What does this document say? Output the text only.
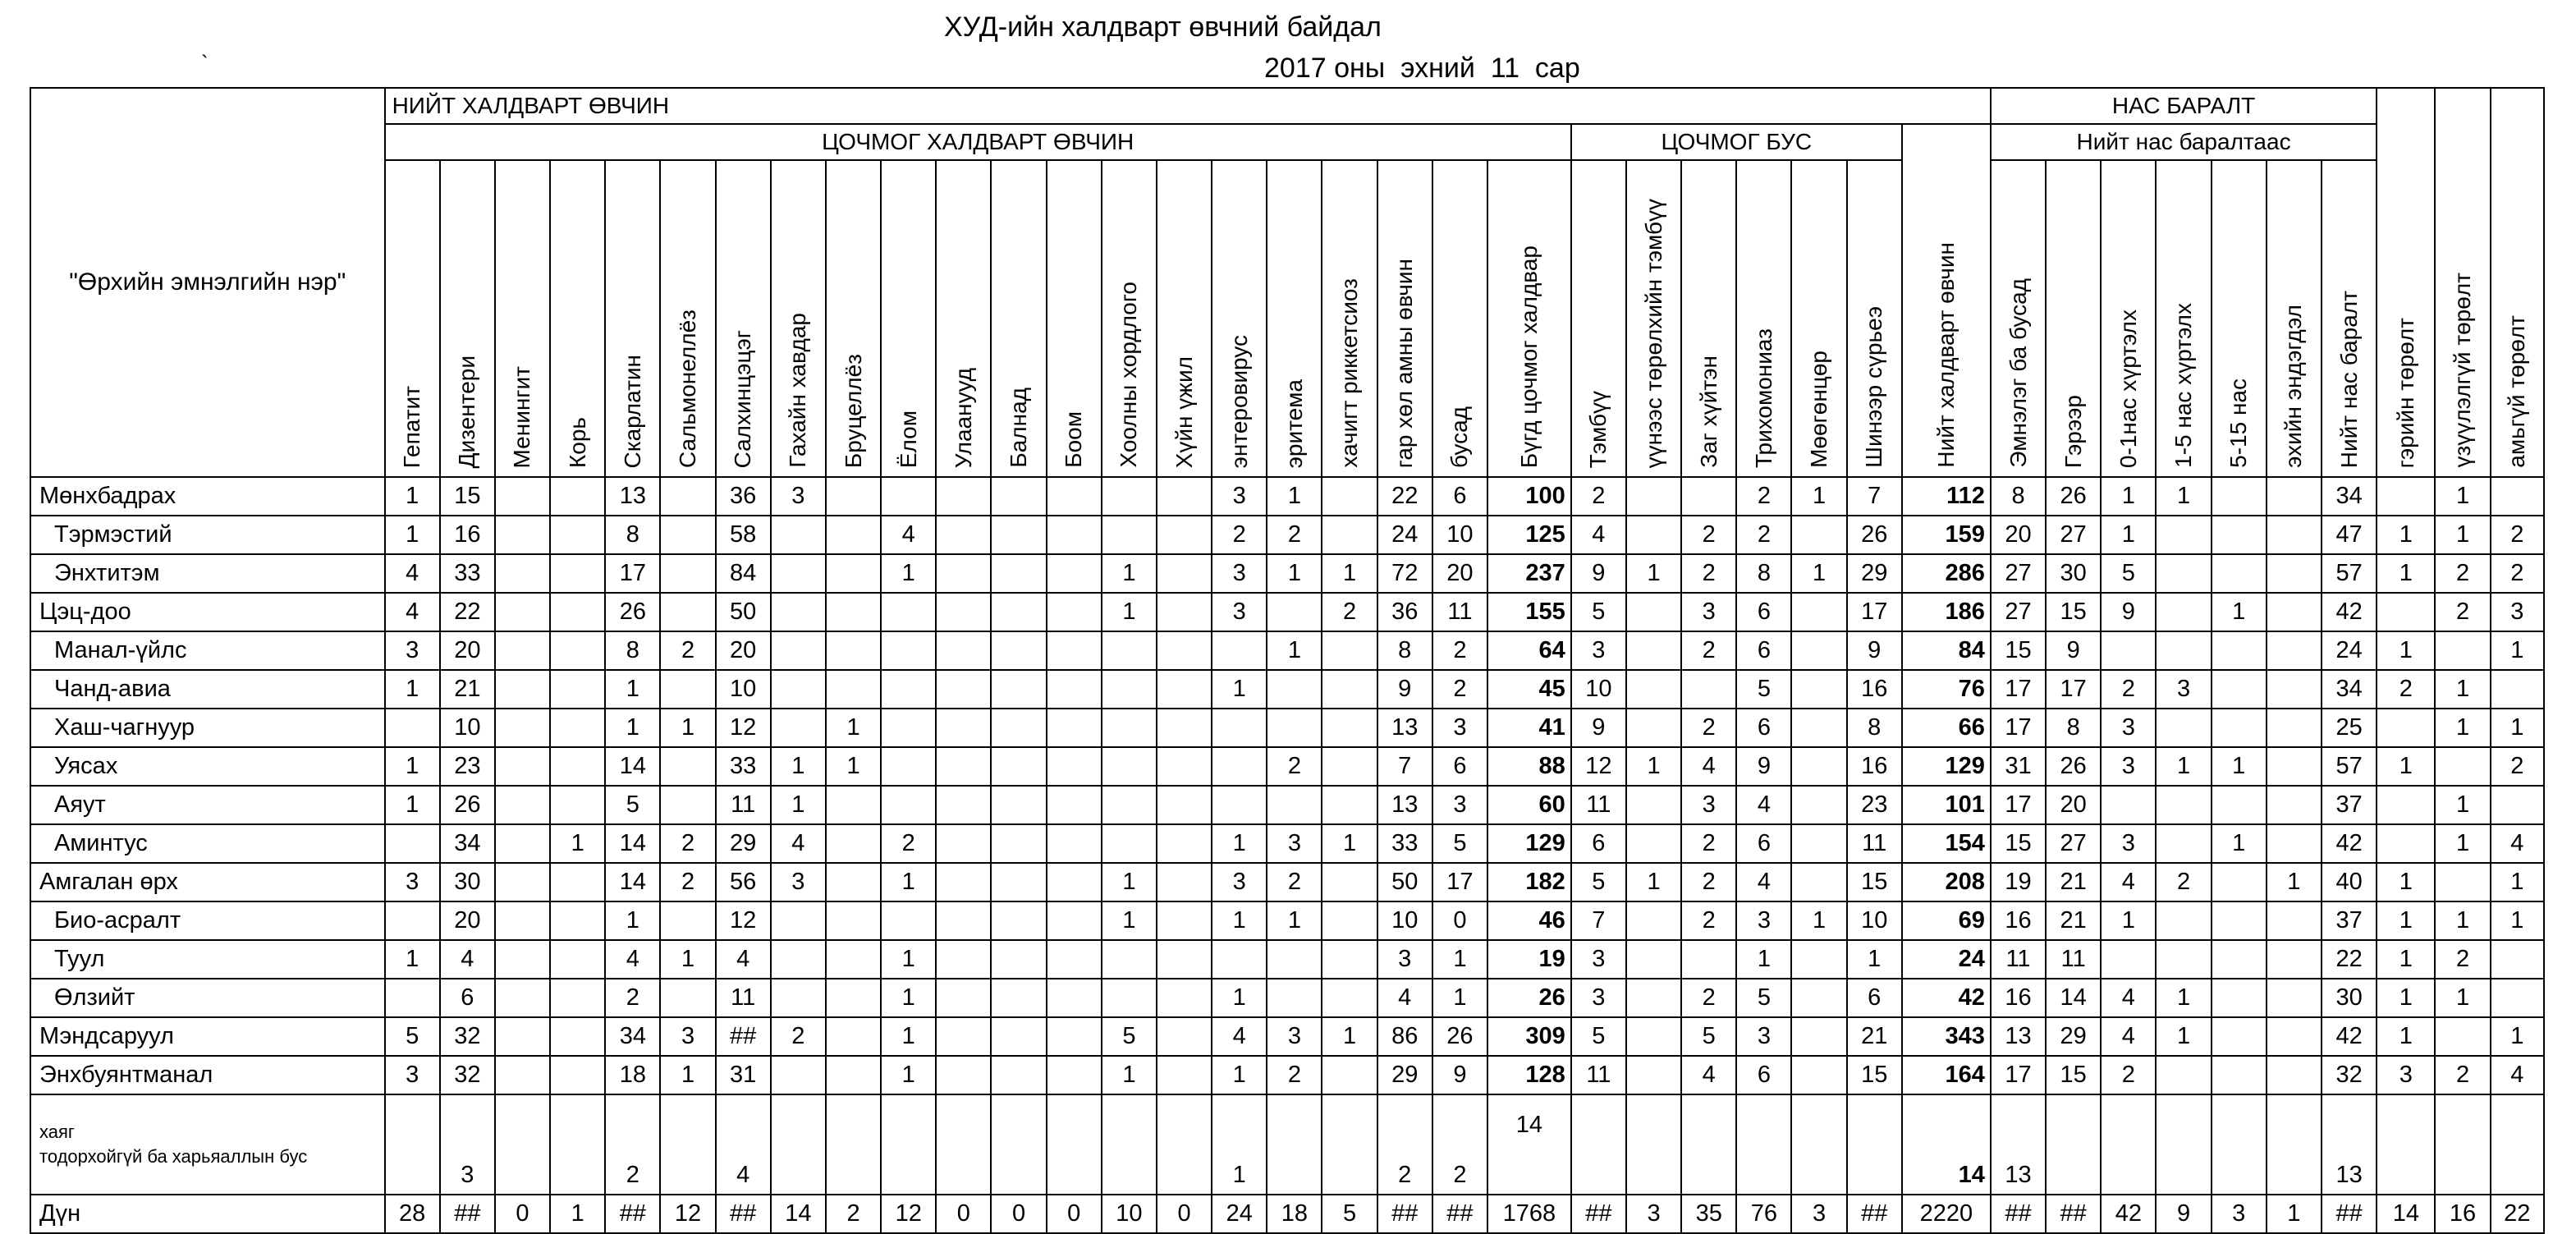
ХУД-ийн халдварт өвчний байдал
`	2017 оны  эхний  11  сар
"Өрхийн эмнэлгийн нэр"	НИЙТ ХАЛДВАРТ ӨВЧИН																												НАС БАРАЛТ							гэрийн төрөлт	үзүүлэлгүй төрөлт	амьгүй төрөлт

	ЦОЧМОГ ХАЛДВАРТ ӨВЧИН																					ЦОЧМОГ БУС						Нийт халдварт өвчин	Нийт нас баралтаас									

	Гепатит	Дизентери	Менингит	Корь	Скарлатин	Сальмонеллёз	Салхинцэцэг	Гахайн хавдар	Бруцеллёз	Ёлом	Улаанууд	Балнад	Боом	Хоолны хордлого	Хүйн үжил	энтеровирус	эритема	хачигт риккетсиоз	гар хөл амны өвчин	бусад	Бүгд цочмог халдвар	Тэмбүү	үүнээс төрөлхийн тэмбүү	Заг хүйтэн	Трихомониаз	Мөөгөнцөр	Шинээр сүрьеэ		Эмнэлэг ба бусад	Гэрээр	0-1нас хүртэлх	1-5 нас хүртэлх	5-15 нас	эхийн эндэгдэл	Нийт нас баралт			

Мөнхбадрах	1	15			13		36	3								3	1		22	6	100	2			2	1	7	112	8	26	1	1			34		1	
Тэрмэстий	1	16			8		58			4						2	2		24	10	125	4		2	2		26	159	20	27	1				47	1	1	2
Энхтитэм	4	33			17		84			1				1		3	1	1	72	20	237	9	1	2	8	1	29	286	27	30	5				57	1	2	2
Цэц-доо	4	22			26		50							1		3		2	36	11	155	5		3	6		17	186	27	15	9		1		42		2	3
Манал-үйлс	3	20			8	2	20										1		8	2	64	3		2	6		9	84	15	9					24	1		1
Чанд-авиа	1	21			1		10									1			9	2	45	10			5		16	76	17	17	2	3			34	2	1	
Хаш-чагнуур		10			1	1	12		1										13	3	41	9		2	6		8	66	17	8	3				25		1	1
Уясах	1	23			14		33	1	1								2		7	6	88	12	1	4	9		16	129	31	26	3	1	1		57	1		2
Аяут	1	26			5		11	1											13	3	60	11		3	4		23	101	17	20					37		1	
Аминтус		34		1	14	2	29	4		2						1	3	1	33	5	129	6		2	6		11	154	15	27	3		1		42		1	4
Амгалан өрх	3	30			14	2	56	3		1				1		3	2		50	17	182	5	1	2	4		15	208	19	21	4	2		1	40	1		1
Био-асралт		20			1		12							1		1	1		10	0	46	7		2	3	1	10	69	16	21	1				37	1	1	1
Туул	1	4			4	1	4			1									3	1	19	3			1		1	24	11	11					22	1	2	
Өлзийт		6			2		11			1						1			4	1	26	3		2	5		6	42	16	14	4	1			30	1	1	
Мэндсаруул	5	32			34	3	##	2		1				5		4	3	1	86	26	309	5		5	3		21	343	13	29	4	1			42	1		1
Энхбуянтманал	3	32			18	1	31			1				1		1	2		29	9	128	11		4	6		15	164	17	15	2				32	3	2	4
хаяг
тодорхойгүй ба харьяаллын бус		3			2		4									1			2	2	14							14	13						13			
Дүн	28	##	0	1	##	12	##	14	2	12	0	0	0	10	0	24	18	5	##	##	1768	##	3	35	76	3	##	2220	##	##	42	9	3	1	##	14	16	22
